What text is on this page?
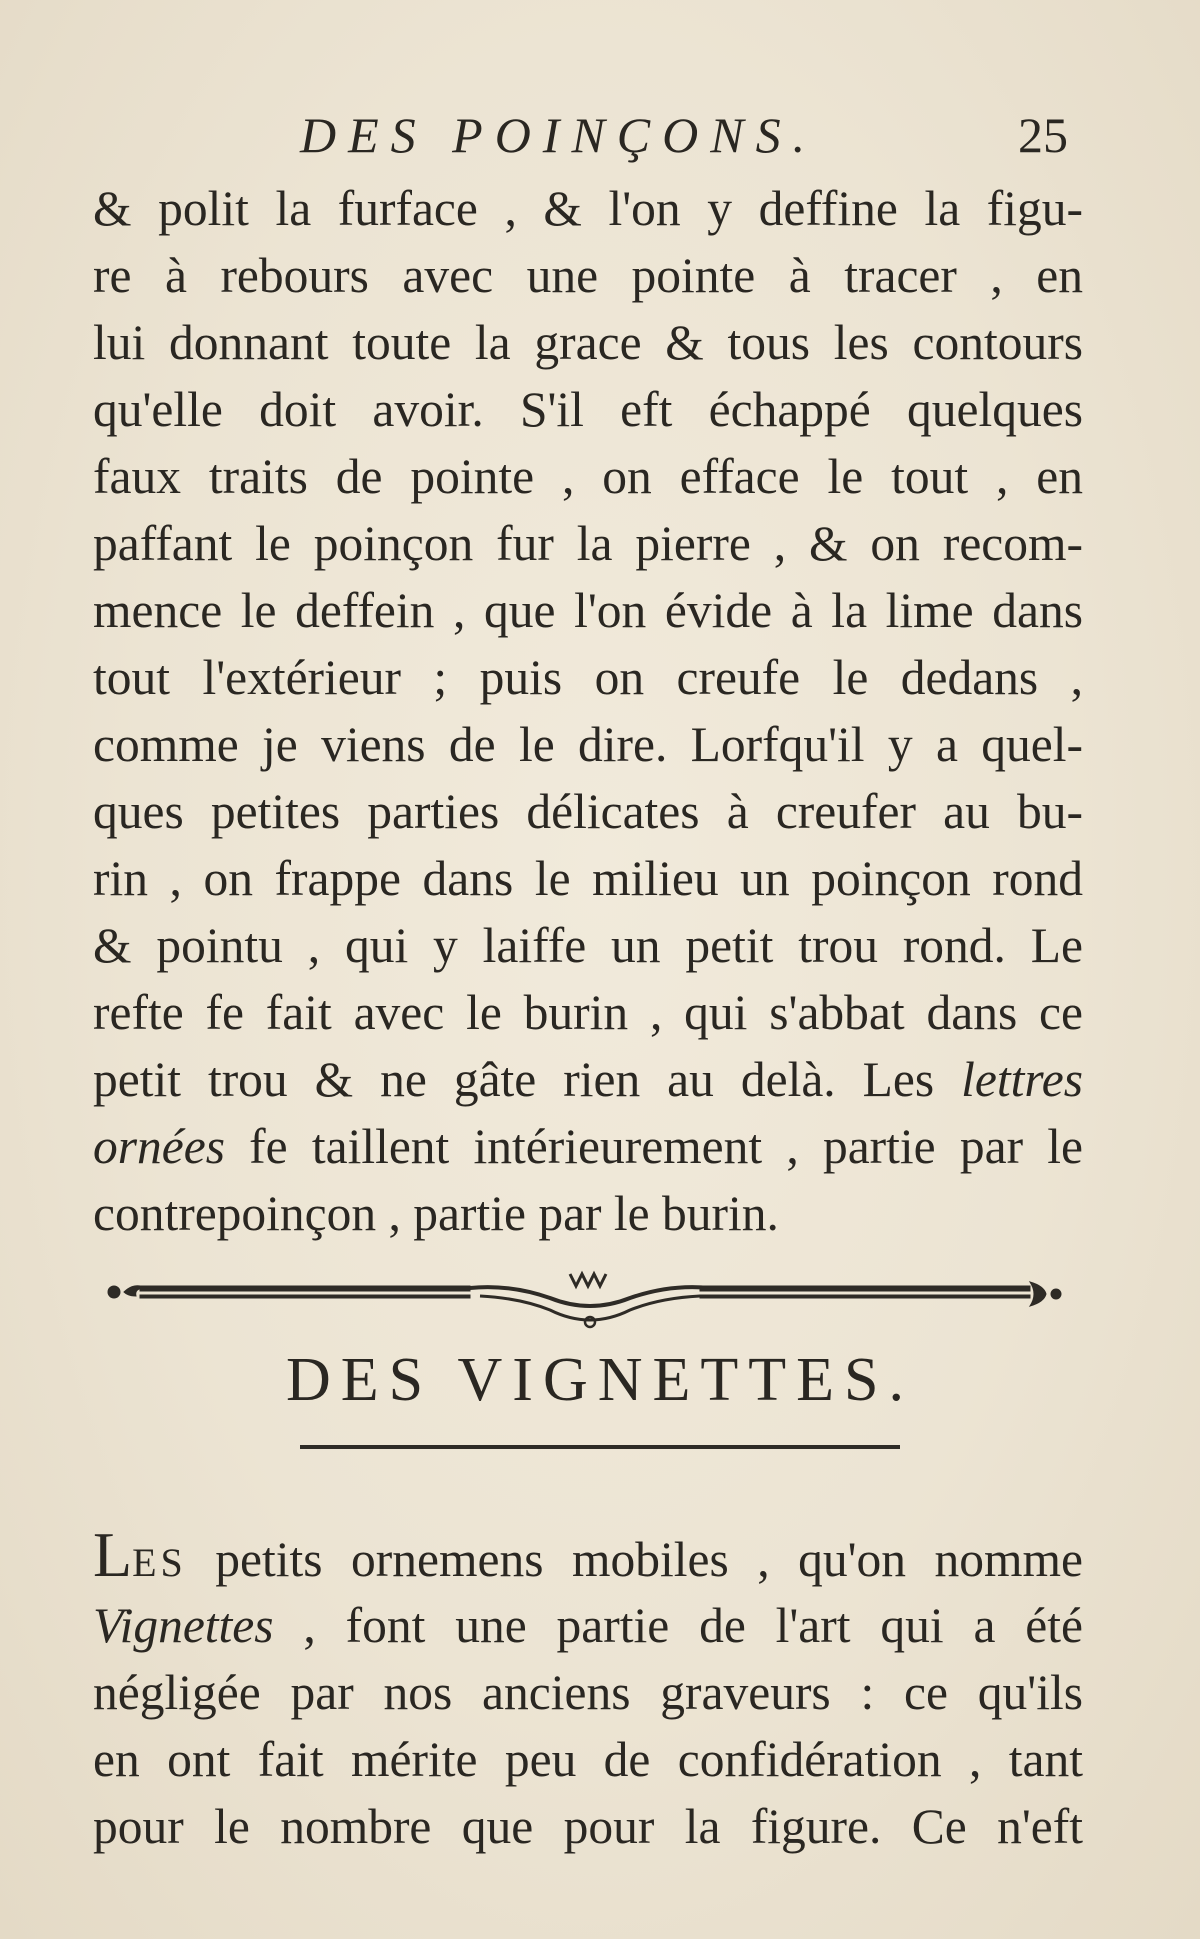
DES POINÇONS.	25
& polit la furface , & l'on y deffine la figu-
re à rebours avec une pointe à tracer , en
lui donnant toute la grace & tous les contours
qu'elle doit avoir. S'il eft échappé quelques
faux traits de pointe , on efface le tout , en
paffant le poinçon fur la pierre , & on recom-
mence le deffein , que l'on évide à la lime dans
tout l'extérieur ; puis on creufe le dedans ,
comme je viens de le dire. Lorfqu'il y a quel-
ques petites parties délicates à creufer au bu-
rin , on frappe dans le milieu un poinçon rond
& pointu , qui y laiffe un petit trou rond. Le
refte fe fait avec le burin , qui s'abbat dans ce
petit trou & ne gâte rien au delà. Les lettres
ornées fe taillent intérieurement , partie par le
contrepoinçon , partie par le burin.
DES VIGNETTES.
LES petits ornemens mobiles , qu'on nomme
Vignettes , font une partie de l'art qui a été
négligée par nos anciens graveurs : ce qu'ils
en ont fait mérite peu de confidération , tant
pour le nombre que pour la figure. Ce n'eft
